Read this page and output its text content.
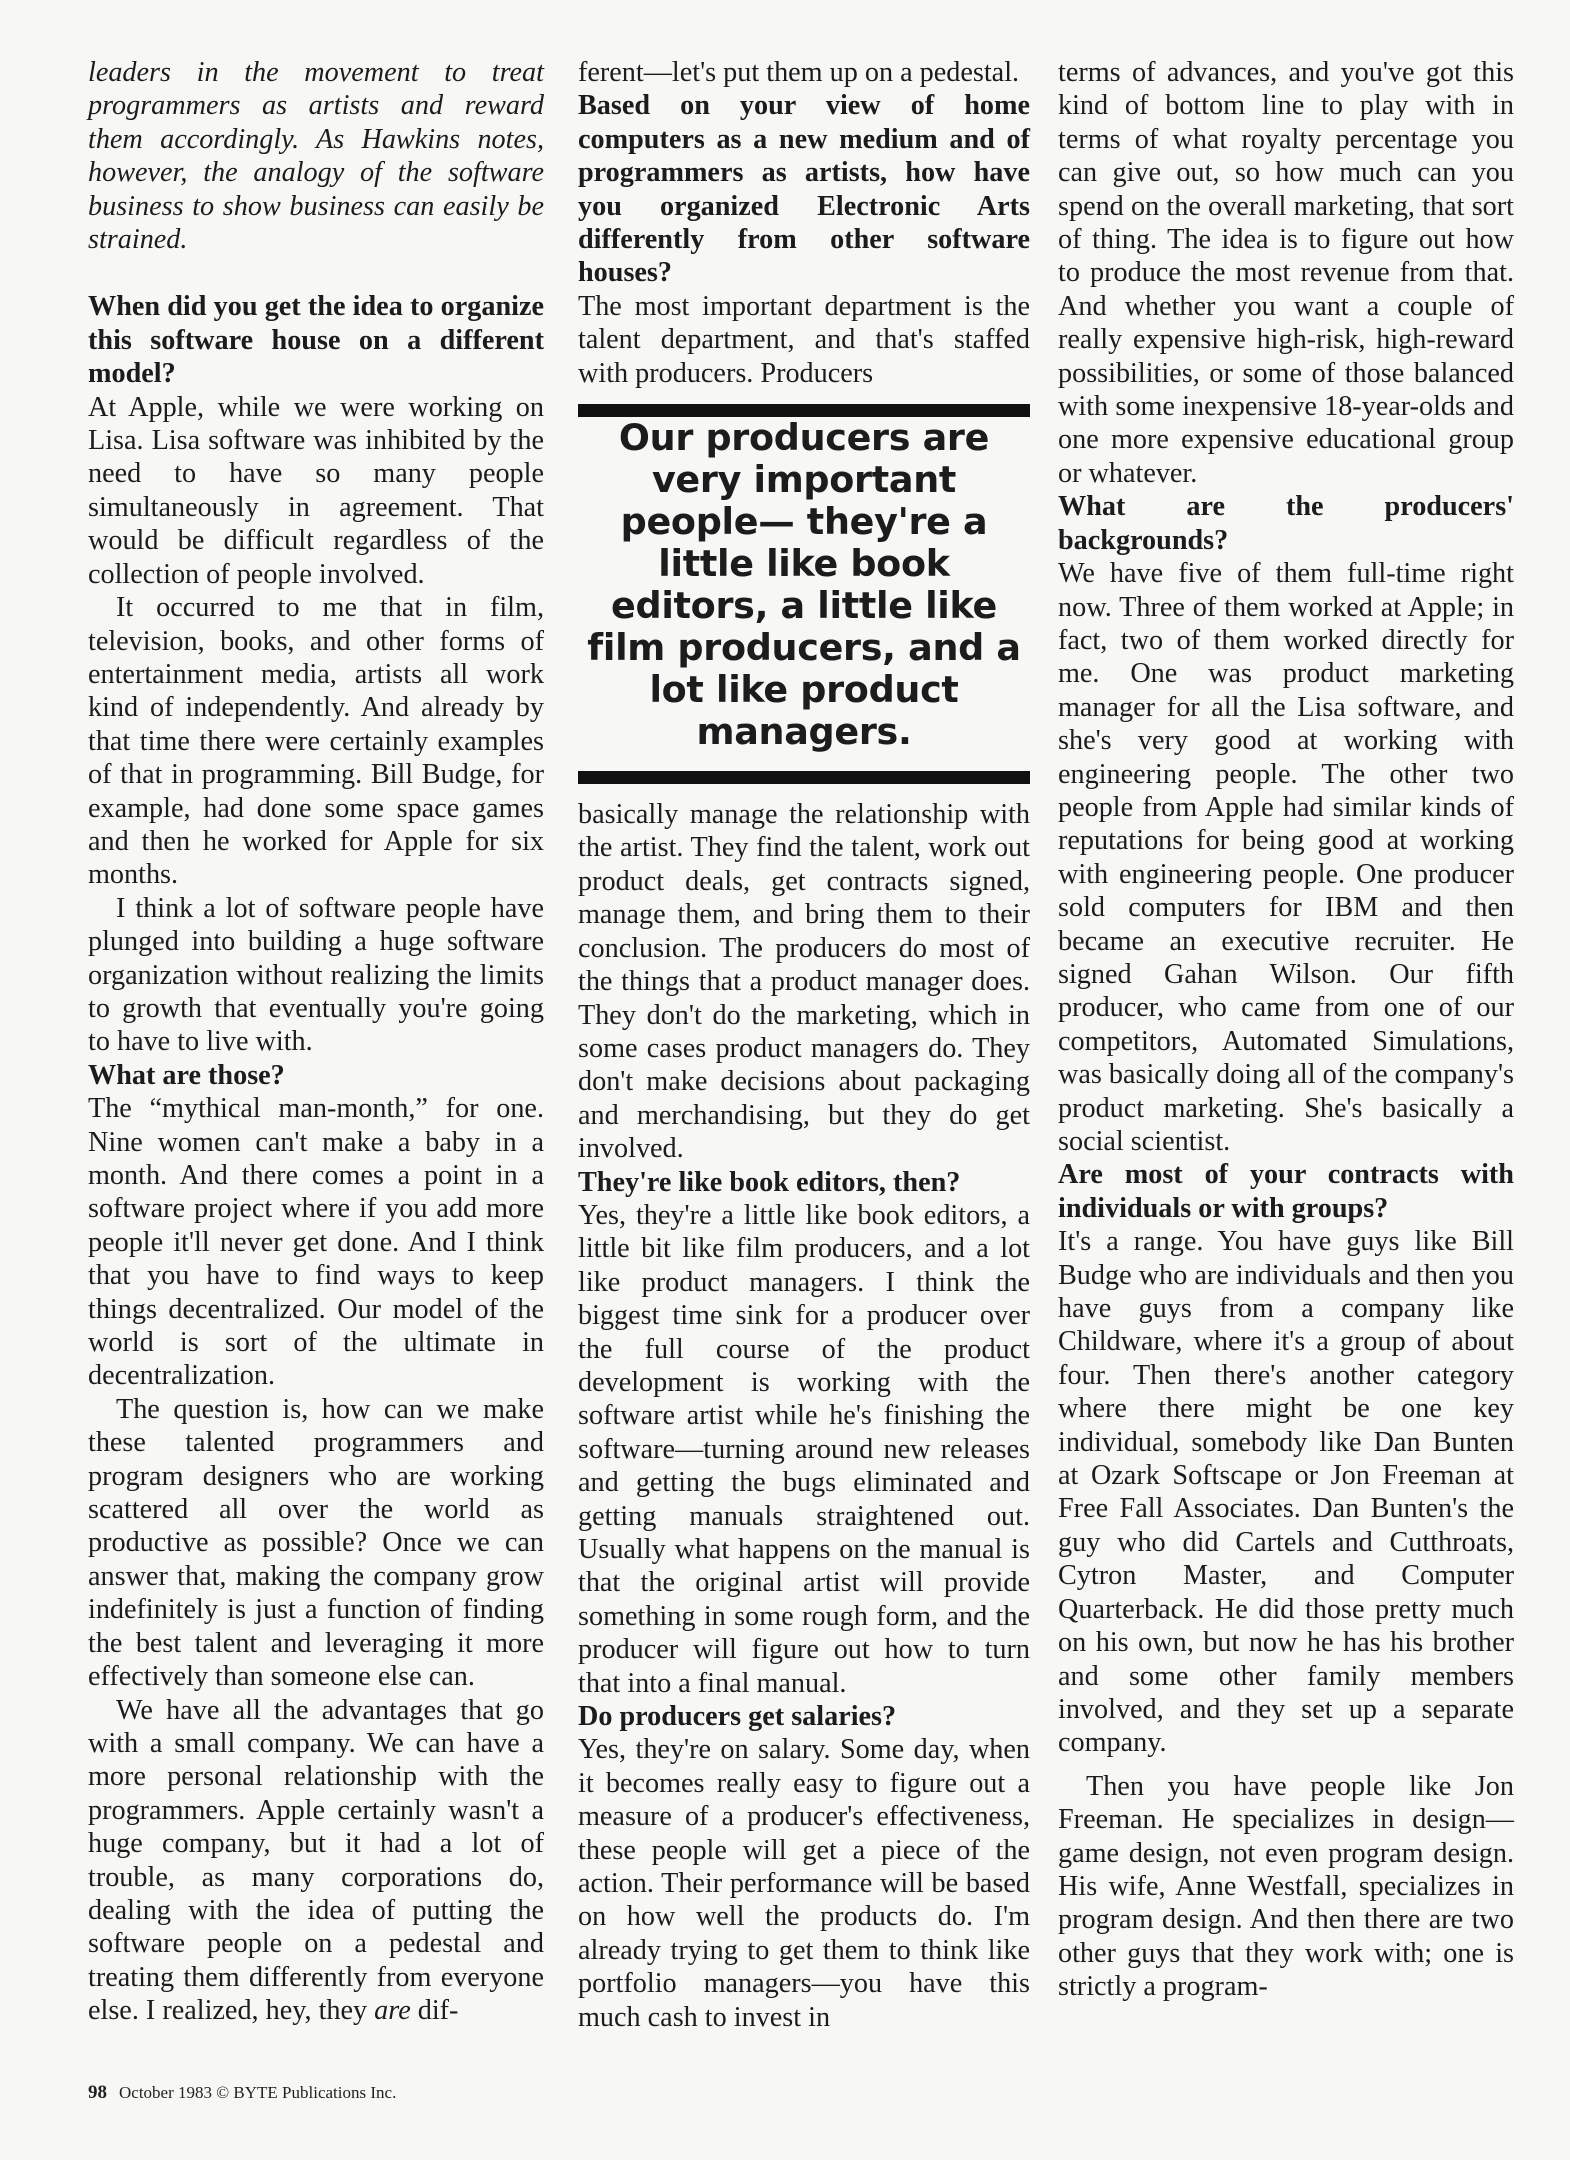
leaders in the movement to treat programmers as artists and reward them accordingly. As Hawkins notes, however, the analogy of the software business to show business can easily be strained.

When did you get the idea to organize this software house on a different model?

At Apple, while we were working on Lisa. Lisa software was inhibited by the need to have so many people simultaneously in agreement. That would be difficult regardless of the collection of people involved.

It occurred to me that in film, television, books, and other forms of entertainment media, artists all work kind of independently. And already by that time there were certainly examples of that in programming. Bill Budge, for example, had done some space games and then he worked for Apple for six months.

I think a lot of software people have plunged into building a huge software organization without realizing the limits to growth that eventually you're going to have to live with.

What are those?

The “mythical man-month,” for one. Nine women can't make a baby in a month. And there comes a point in a software project where if you add more people it'll never get done. And I think that you have to find ways to keep things decentralized. Our model of the world is sort of the ultimate in decentralization.

The question is, how can we make these talented programmers and program designers who are working scattered all over the world as productive as possible? Once we can answer that, making the company grow indefinitely is just a function of finding the best talent and leveraging it more effectively than someone else can.

We have all the advantages that go with a small company. We can have a more personal relationship with the programmers. Apple certainly wasn't a huge company, but it had a lot of trouble, as many corporations do, dealing with the idea of putting the software people on a pedestal and treating them differently from everyone else. I realized, hey, they are dif-

ferent—let's put them up on a pedestal.

Based on your view of home computers as a new medium and of programmers as artists, how have you organized Electronic Arts differently from other software houses?

The most important department is the talent department, and that's staffed with producers. Producers

Our producers are very important people— they're a little like book editors, a little like film producers, and a lot like product managers.

basically manage the relationship with the artist. They find the talent, work out product deals, get contracts signed, manage them, and bring them to their conclusion. The producers do most of the things that a product manager does. They don't do the marketing, which in some cases product managers do. They don't make decisions about packaging and merchandising, but they do get involved.

They're like book editors, then?

Yes, they're a little like book editors, a little bit like film producers, and a lot like product managers. I think the biggest time sink for a producer over the full course of the product development is working with the software artist while he's finishing the software—turning around new releases and getting the bugs eliminated and getting manuals straightened out. Usually what happens on the manual is that the original artist will provide something in some rough form, and the producer will figure out how to turn that into a final manual.

Do producers get salaries?

Yes, they're on salary. Some day, when it becomes really easy to figure out a measure of a producer's effectiveness, these people will get a piece of the action. Their performance will be based on how well the products do. I'm already trying to get them to think like portfolio managers—you have this much cash to invest in

terms of advances, and you've got this kind of bottom line to play with in terms of what royalty percentage you can give out, so how much can you spend on the overall marketing, that sort of thing. The idea is to figure out how to produce the most revenue from that. And whether you want a couple of really expensive high-risk, high-reward possibilities, or some of those balanced with some inexpensive 18-year-olds and one more expensive educational group or whatever.

What are the producers' backgrounds?

We have five of them full-time right now. Three of them worked at Apple; in fact, two of them worked directly for me. One was product marketing manager for all the Lisa software, and she's very good at working with engineering people. The other two people from Apple had similar kinds of reputations for being good at working with engineering people. One producer sold computers for IBM and then became an executive recruiter. He signed Gahan Wilson. Our fifth producer, who came from one of our competitors, Automated Simulations, was basically doing all of the company's product marketing. She's basically a social scientist.

Are most of your contracts with individuals or with groups?

It's a range. You have guys like Bill Budge who are individuals and then you have guys from a company like Childware, where it's a group of about four. Then there's another category where there might be one key individual, somebody like Dan Bunten at Ozark Softscape or Jon Freeman at Free Fall Associates. Dan Bunten's the guy who did Cartels and Cutthroats, Cytron Master, and Computer Quarterback. He did those pretty much on his own, but now he has his brother and some other family members involved, and they set up a separate company.

Then you have people like Jon Freeman. He specializes in design—game design, not even program design. His wife, Anne Westfall, specializes in program design. And then there are two other guys that they work with; one is strictly a program-

98 October 1983 © BYTE Publications Inc.
